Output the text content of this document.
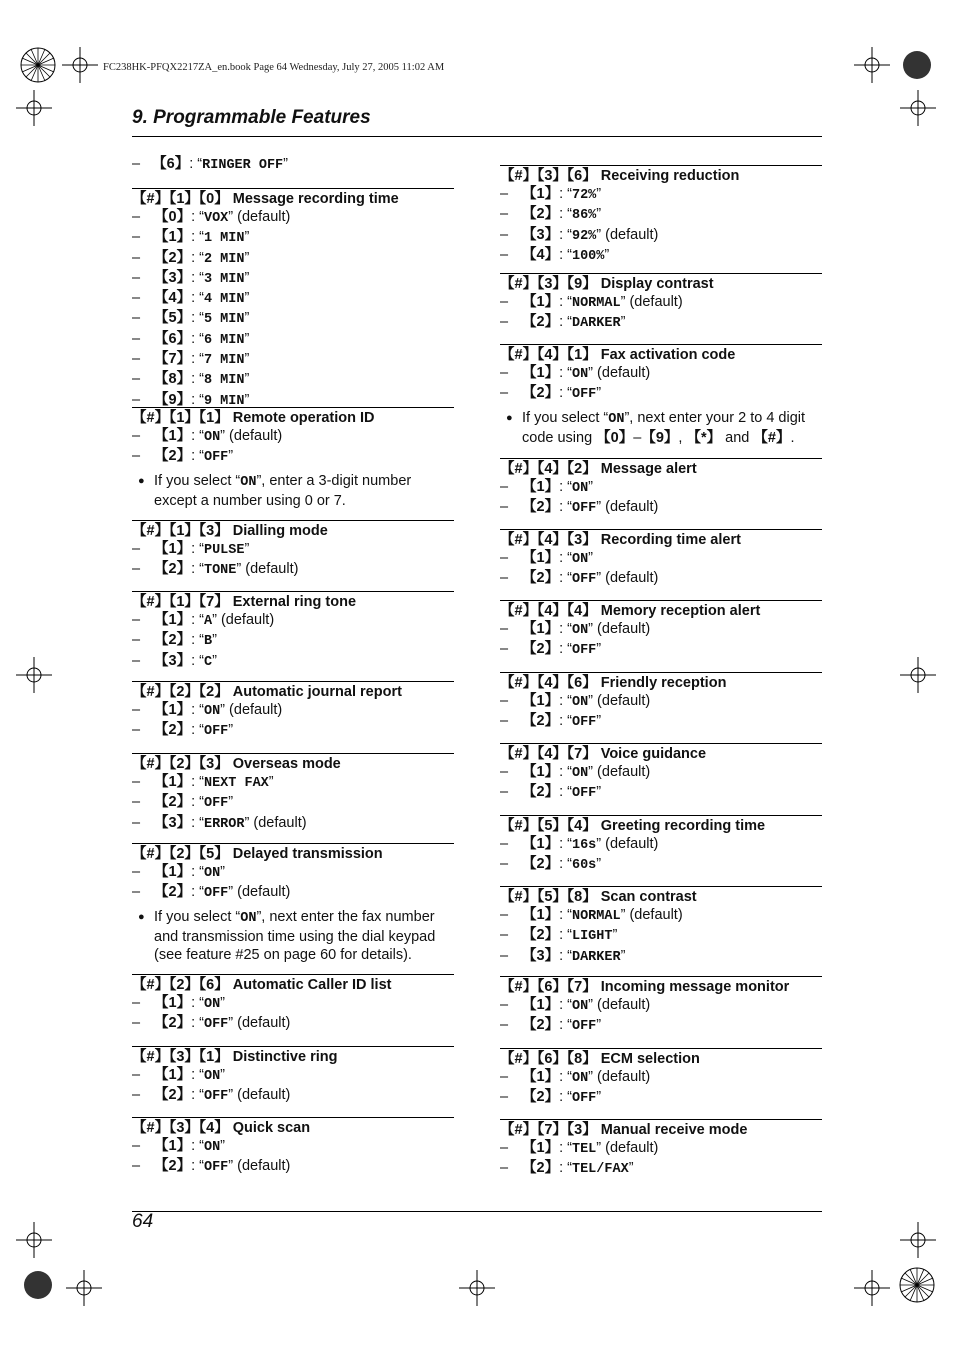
FC238HK-PFQX2217ZA_en.book Page 64 Wednesday, July 27, 2005 11:02 AM
9. Programmable Features
– 【6】: “RINGER OFF”
【#】【1】【0】 Message recording time
– 【0】: “VOX” (default)
– 【1】: “1 MIN”
– 【2】: “2 MIN”
– 【3】: “3 MIN”
– 【4】: “4 MIN”
– 【5】: “5 MIN”
– 【6】: “6 MIN”
– 【7】: “7 MIN”
– 【8】: “8 MIN”
– 【9】: “9 MIN”
【#】【1】【1】 Remote operation ID
– 【1】: “ON” (default)
– 【2】: “OFF”
● If you select “ON”, enter a 3-digit number except a number using 0 or 7.
【#】【1】【3】 Dialling mode
– 【1】: “PULSE”
– 【2】: “TONE” (default)
【#】【1】【7】 External ring tone
– 【1】: “A” (default)
– 【2】: “B”
– 【3】: “C”
【#】【2】【2】 Automatic journal report
– 【1】: “ON” (default)
– 【2】: “OFF”
【#】【2】【3】 Overseas mode
– 【1】: “NEXT FAX”
– 【2】: “OFF”
– 【3】: “ERROR” (default)
【#】【2】【5】 Delayed transmission
– 【1】: “ON”
– 【2】: “OFF” (default)
● If you select “ON”, next enter the fax number and transmission time using the dial keypad (see feature #25 on page 60 for details).
【#】【2】【6】 Automatic Caller ID list
– 【1】: “ON”
– 【2】: “OFF” (default)
【#】【3】【1】 Distinctive ring
– 【1】: “ON”
– 【2】: “OFF” (default)
【#】【3】【4】 Quick scan
– 【1】: “ON”
– 【2】: “OFF” (default)
【#】【3】【6】 Receiving reduction
– 【1】: “72%”
– 【2】: “86%”
– 【3】: “92%” (default)
– 【4】: “100%”
【#】【3】【9】 Display contrast
– 【1】: “NORMAL” (default)
– 【2】: “DARKER”
【#】【4】【1】 Fax activation code
– 【1】: “ON” (default)
– 【2】: “OFF”
● If you select “ON”, next enter your 2 to 4 digit code using 【0】–【9】, 【*】 and 【#】.
【#】【4】【2】 Message alert
– 【1】: “ON”
– 【2】: “OFF” (default)
【#】【4】【3】 Recording time alert
– 【1】: “ON”
– 【2】: “OFF” (default)
【#】【4】【4】 Memory reception alert
– 【1】: “ON” (default)
– 【2】: “OFF”
【#】【4】【6】 Friendly reception
– 【1】: “ON” (default)
– 【2】: “OFF”
【#】【4】【7】 Voice guidance
– 【1】: “ON” (default)
– 【2】: “OFF”
【#】【5】【4】 Greeting recording time
– 【1】: “16s” (default)
– 【2】: “60s”
【#】【5】【8】 Scan contrast
– 【1】: “NORMAL” (default)
– 【2】: “LIGHT”
– 【3】: “DARKER”
【#】【6】【7】 Incoming message monitor
– 【1】: “ON” (default)
– 【2】: “OFF”
【#】【6】【8】 ECM selection
– 【1】: “ON” (default)
– 【2】: “OFF”
【#】【7】【3】 Manual receive mode
– 【1】: “TEL” (default)
– 【2】: “TEL/FAX”
64
